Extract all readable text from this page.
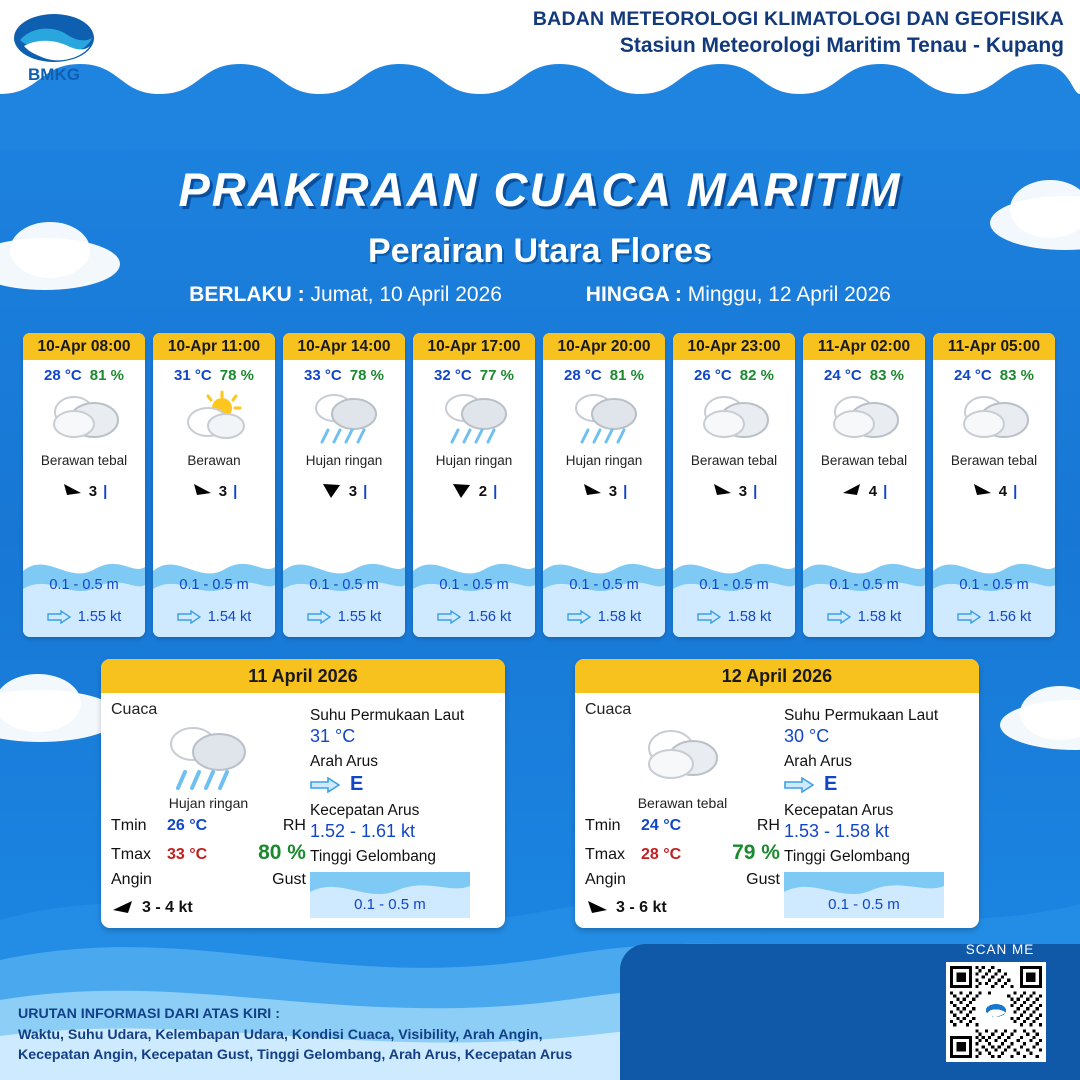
BMKG
BADAN METEOROLOGI KLIMATOLOGI DAN GEOFISIKA
Stasiun Meteorologi Maritim Tenau - Kupang
PRAKIRAAN CUACA MARITIM
Perairan Utara Flores
BERLAKU : Jumat, 10 April 2026	HINGGA : Minggu, 12 April 2026
10-Apr 08:00
28 °C 81 %
Berawan tebal
3 |
0.1 - 0.5 m
1.55 kt
10-Apr 11:00
31 °C 78 %
Berawan
3 |
0.1 - 0.5 m
1.54 kt
10-Apr 14:00
33 °C 78 %
Hujan ringan
3 |
0.1 - 0.5 m
1.55 kt
10-Apr 17:00
32 °C 77 %
Hujan ringan
2 |
0.1 - 0.5 m
1.56 kt
10-Apr 20:00
28 °C 81 %
Hujan ringan
3 |
0.1 - 0.5 m
1.58 kt
10-Apr 23:00
26 °C 82 %
Berawan tebal
3 |
0.1 - 0.5 m
1.58 kt
11-Apr 02:00
24 °C 83 %
Berawan tebal
4 |
0.1 - 0.5 m
1.58 kt
11-Apr 05:00
24 °C 83 %
Berawan tebal
4 |
0.1 - 0.5 m
1.56 kt
11 April 2026
Cuaca
Hujan ringan
Tmin	26 °C	RH
Tmax	33 °C 80 %
Angin	Gust
3 - 4 kt
Suhu Permukaan Laut
31 °C
Arah Arus
E
Kecepatan Arus
1.52 - 1.61 kt
Tinggi Gelombang
0.1 - 0.5 m
12 April 2026
Cuaca
Berawan tebal
Tmin	24 °C	RH
Tmax	28 °C 79 %
Angin	Gust
3 - 6 kt
Suhu Permukaan Laut
30 °C
Arah Arus
E
Kecepatan Arus
1.53 - 1.58 kt
Tinggi Gelombang
0.1 - 0.5 m
URUTAN INFORMASI DARI ATAS KIRI :
Waktu, Suhu Udara, Kelembapan Udara, Kondisi Cuaca, Visibility, Arah Angin,
Kecepatan Angin, Kecepatan Gust, Tinggi Gelombang, Arah Arus, Kecepatan Arus
SCAN ME
